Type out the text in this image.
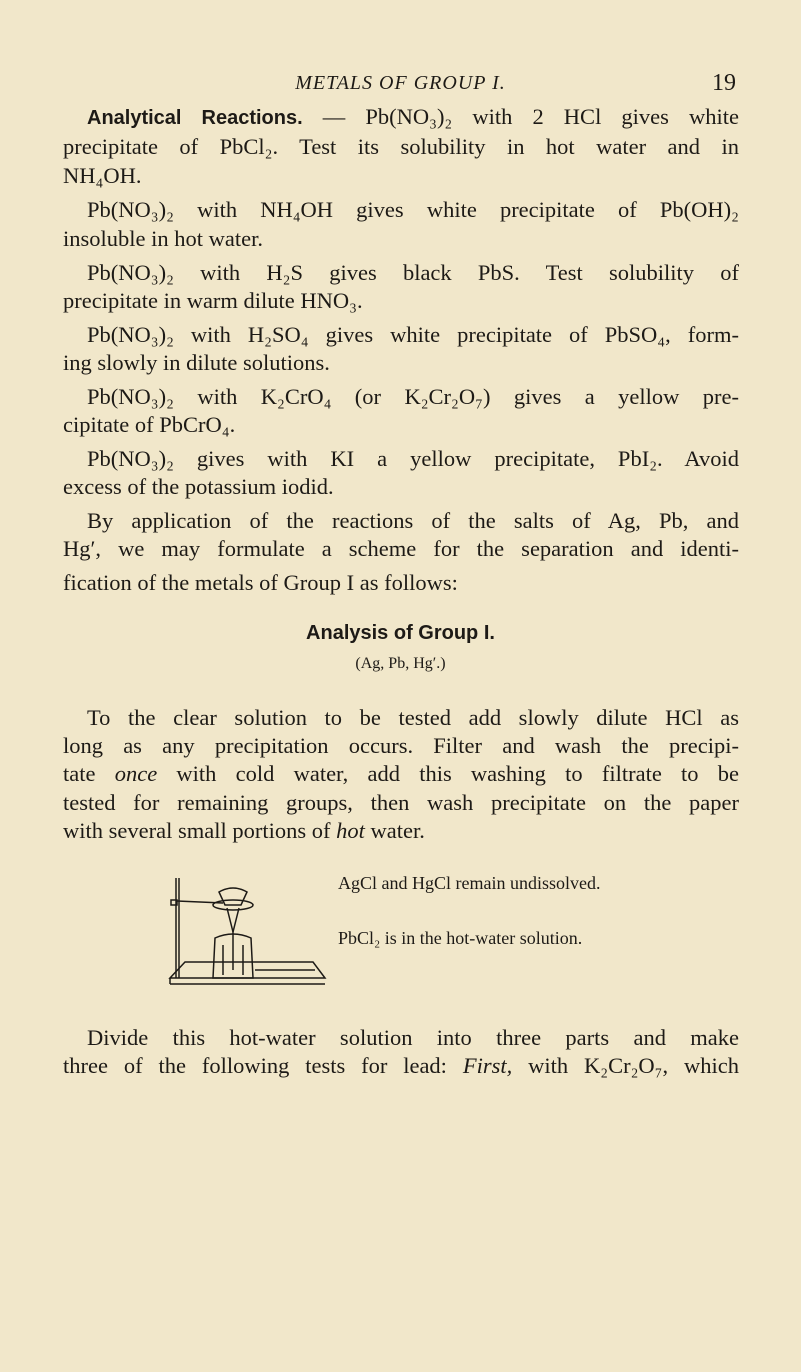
METALS OF GROUP I.	19
Analytical Reactions. — Pb(NO₃)₂ with 2 HCl gives white
precipitate of PbCl₂. Test its solubility in hot water and in
NH₄OH.
Pb(NO₃)₂ with NH₄OH gives white precipitate of Pb(OH)₂
insoluble in hot water.
Pb(NO₃)₂ with H₂S gives black PbS. Test solubility of
precipitate in warm dilute HNO₃.
Pb(NO₃)₂ with H₂SO₄ gives white precipitate of PbSO₄, form-
ing slowly in dilute solutions.
Pb(NO₃)₂ with K₂CrO₄ (or K₂Cr₂O₇) gives a yellow pre-
cipitate of PbCrO₄.
Pb(NO₃)₂ gives with KI a yellow precipitate, PbI₂. Avoid
excess of the potassium iodid.
By application of the reactions of the salts of Ag, Pb, and
Hg′, we may formulate a scheme for the separation and identi-
fication of the metals of Group I as follows:
To the clear solution to be tested add slowly dilute HCl as
long as any precipitation occurs. Filter and wash the precipi-
tate once with cold water, add this washing to filtrate to be
tested for remaining groups, then wash precipitate on the paper
with several small portions of hot water.
Divide this hot-water solution into three parts and make
three of the following tests for lead: First, with K₂Cr₂O₇, which
Analysis of Group I.
(Ag, Pb, Hg′.)
AgCl and HgCl remain undissolved.
PbCl₂ is in the hot-water solution.
